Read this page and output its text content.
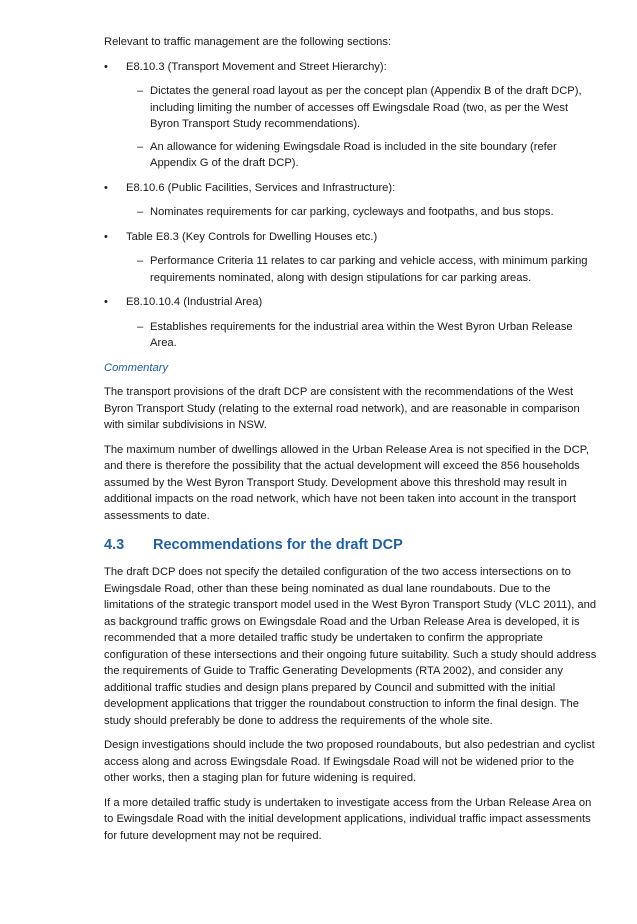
Relevant to traffic management are the following sections:

• E8.10.3 (Transport Movement and Street Hierarchy):
– Dictates the general road layout as per the concept plan (Appendix B of the draft DCP), including limiting the number of accesses off Ewingsdale Road (two, as per the West Byron Transport Study recommendations).
– An allowance for widening Ewingsdale Road is included in the site boundary (refer Appendix G of the draft DCP).
• E8.10.6 (Public Facilities, Services and Infrastructure):
– Nominates requirements for car parking, cycleways and footpaths, and bus stops.
• Table E8.3 (Key Controls for Dwelling Houses etc.)
– Performance Criteria 11 relates to car parking and vehicle access, with minimum parking requirements nominated, along with design stipulations for car parking areas.
• E8.10.10.4 (Industrial Area)
– Establishes requirements for the industrial area within the West Byron Urban Release Area.

Commentary

The transport provisions of the draft DCP are consistent with the recommendations of the West Byron Transport Study (relating to the external road network), and are reasonable in comparison with similar subdivisions in NSW.

The maximum number of dwellings allowed in the Urban Release Area is not specified in the DCP, and there is therefore the possibility that the actual development will exceed the 856 households assumed by the West Byron Transport Study. Development above this threshold may result in additional impacts on the road network, which have not been taken into account in the transport assessments to date.

4.3 Recommendations for the draft DCP

The draft DCP does not specify the detailed configuration of the two access intersections on to Ewingsdale Road, other than these being nominated as dual lane roundabouts. Due to the limitations of the strategic transport model used in the West Byron Transport Study (VLC 2011), and as background traffic grows on Ewingsdale Road and the Urban Release Area is developed, it is recommended that a more detailed traffic study be undertaken to confirm the appropriate configuration of these intersections and their ongoing future suitability. Such a study should address the requirements of Guide to Traffic Generating Developments (RTA 2002), and consider any additional traffic studies and design plans prepared by Council and submitted with the initial development applications that trigger the roundabout construction to inform the final design. The study should preferably be done to address the requirements of the whole site.

Design investigations should include the two proposed roundabouts, but also pedestrian and cyclist access along and across Ewingsdale Road. If Ewingsdale Road will not be widened prior to the other works, then a staging plan for future widening is required.

If a more detailed traffic study is undertaken to investigate access from the Urban Release Area on to Ewingsdale Road with the initial development applications, individual traffic impact assessments for future development may not be required.
